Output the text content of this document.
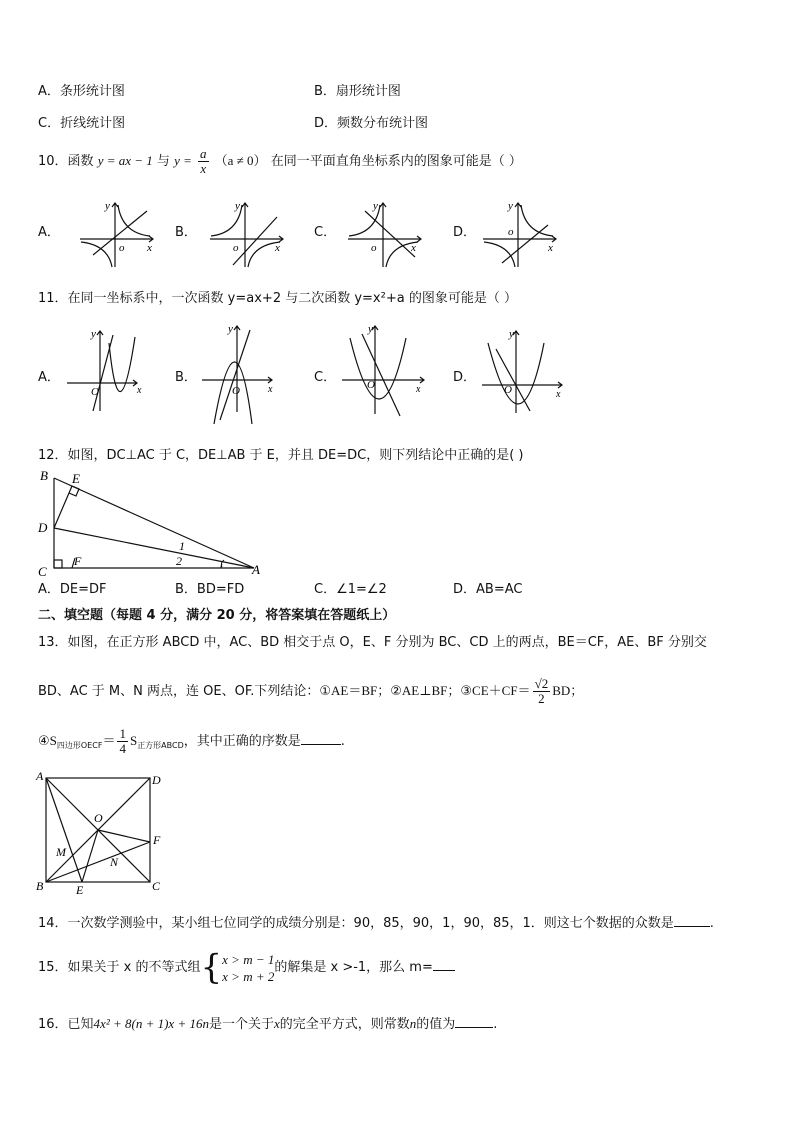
A．条形统计图	B．扇形统计图
C．折线统计图	D．频数分布统计图
10．函数 y = ax − 1 与 $y = \frac{a}{x} (a \ne 0)$ 在同一平面直角坐标系内的图象可能是（ ）
A．	B．	C．	D．
y
o x
y
o	x
y
o	x
y
o
x
11．在同一坐标系中，一次函数 y=ax+2 与二次函数 y=x²+a 的图象可能是（ ）
A．	B．	C．	D．
y
O	x
y
O	x
y
O	x
y
O	x
12．如图，DC⊥AC 于 C，DE⊥AB 于 E，并且 DE=DC，则下列结论中正确的是( )
B E
D
C
F
A
1
2
A．DE=DF	B．BD=FD	C．∠1=∠2	D．AB=AC
二、填空题（每题 4 分，满分 20 分，将答案填在答题纸上）
13．如图，在正方形 ABCD 中，AC、BD 相交于点 O，E、F 分别为 BC、CD 上的两点，BE＝CF，AE、BF 分别交
BD、AC 于 M、N 两点，连 OE、OF.下列结论：①AE＝BF；②AE⊥BF；③CE＋CF＝ $\frac{√2}{2}$ BD；
$④S_{四边形OECF}= \frac{1}{4} S_{正方形ABCD}$，其中正确的序数是	.
A	D
O
F
M
N
B	E	C
14．一次数学测验中，某小组七位同学的成绩分别是：90，85，90，1，90，85，1．则这七个数据的众数是	.
15．如果关于 x 的不等式组{ x > m − 1
x > m + 2
的解集是 x >-1，那么 m=
16．已知4x² + 8(n + 1)x + 16n是一个关于x的完全平方式，则常数n的值为	.
